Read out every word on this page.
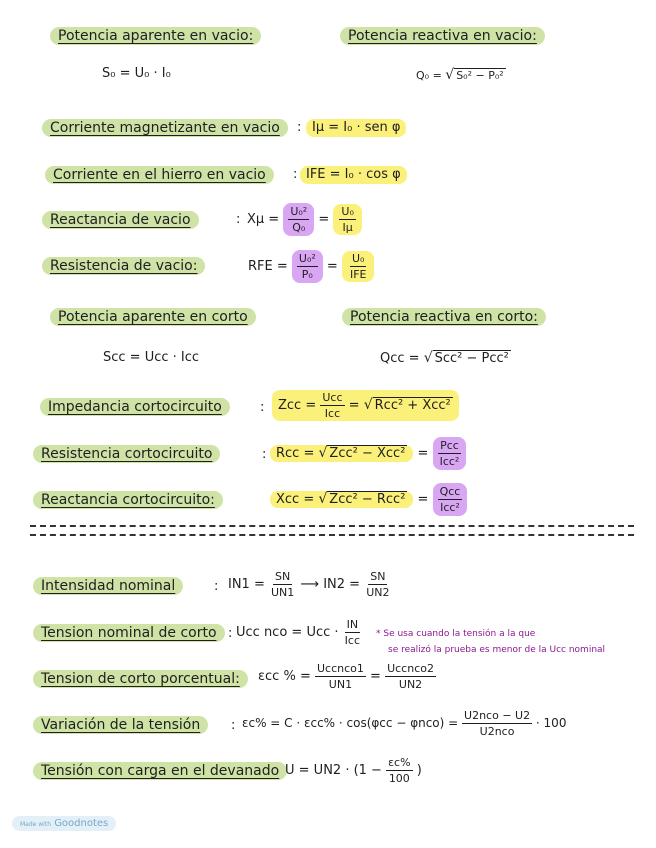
Potencia aparente en vacio:	Potencia reactiva en vacio:
S₀ = U₀ · I₀	Q₀ = √ S₀² − P₀²
Corriente magnetizante en vacio	: Iμ = I₀ · sen φ
Corriente en el hierro en vacio	: IFE = I₀ · cos φ
Reactancia de vacio	: $X\mu = \frac{\text{U₀²}}{\text{Q₀}} = \frac{\text{U₀}}{I\mu}$
Resistencia de vacio:	RFE = $\frac{\text{U₀²}}{\text{P₀}} = \frac{\text{U₀}}{\text{IFE}}$
Potencia aparente en corto	Potencia reactiva en corto:
Scc = Ucc · Icc	Qcc = √ Scc² − Pcc²
Impedancia cortocircuito	:	Zcc = $\frac{\text{Ucc}}{\text{Icc}}$ = √ Rcc² + Xcc²
Resistencia cortocircuito	: Rcc = √ $Zcc^2 - Xcc^2 = \frac{\text{Pcc}}{\text{Icc²}}$
Reactancia cortocircuito:	Xcc = √ $Zcc^2 - Rcc^2 = \frac{\text{Qcc}}{\text{Icc²}}$
Intensidad nominal	: $IN1 = \frac{SN}{UN1}$ ⟶ $IN2 = \frac{SN}{UN2}$
Tension nominal de corto : Ucc nco = Ucc · $\frac{IN}{\text{Icc}}$ * Se usa cuando la tensión a la que
se realizó la prueba es menor de la Ucc nominal
Tension de corto porcentual:	εcc % = $\frac{\text{Uccnco1}}{UN1} = \frac{\text{Uccnco2}}{UN2}$
Variación de la tensión	: $\varepsilon c\% = C \cdot \varepsilon cc\% \cdot \cos(\varphi cc - \varphi nco) = \frac{\text{U2nco − U2}}{\text{U2nco}} \cdot 100$
Tensión con carga en el devanado $U = UN2 \cdot (1 - \frac{\varepsilon c\%}{100}$ )
Made with Goodnotes
